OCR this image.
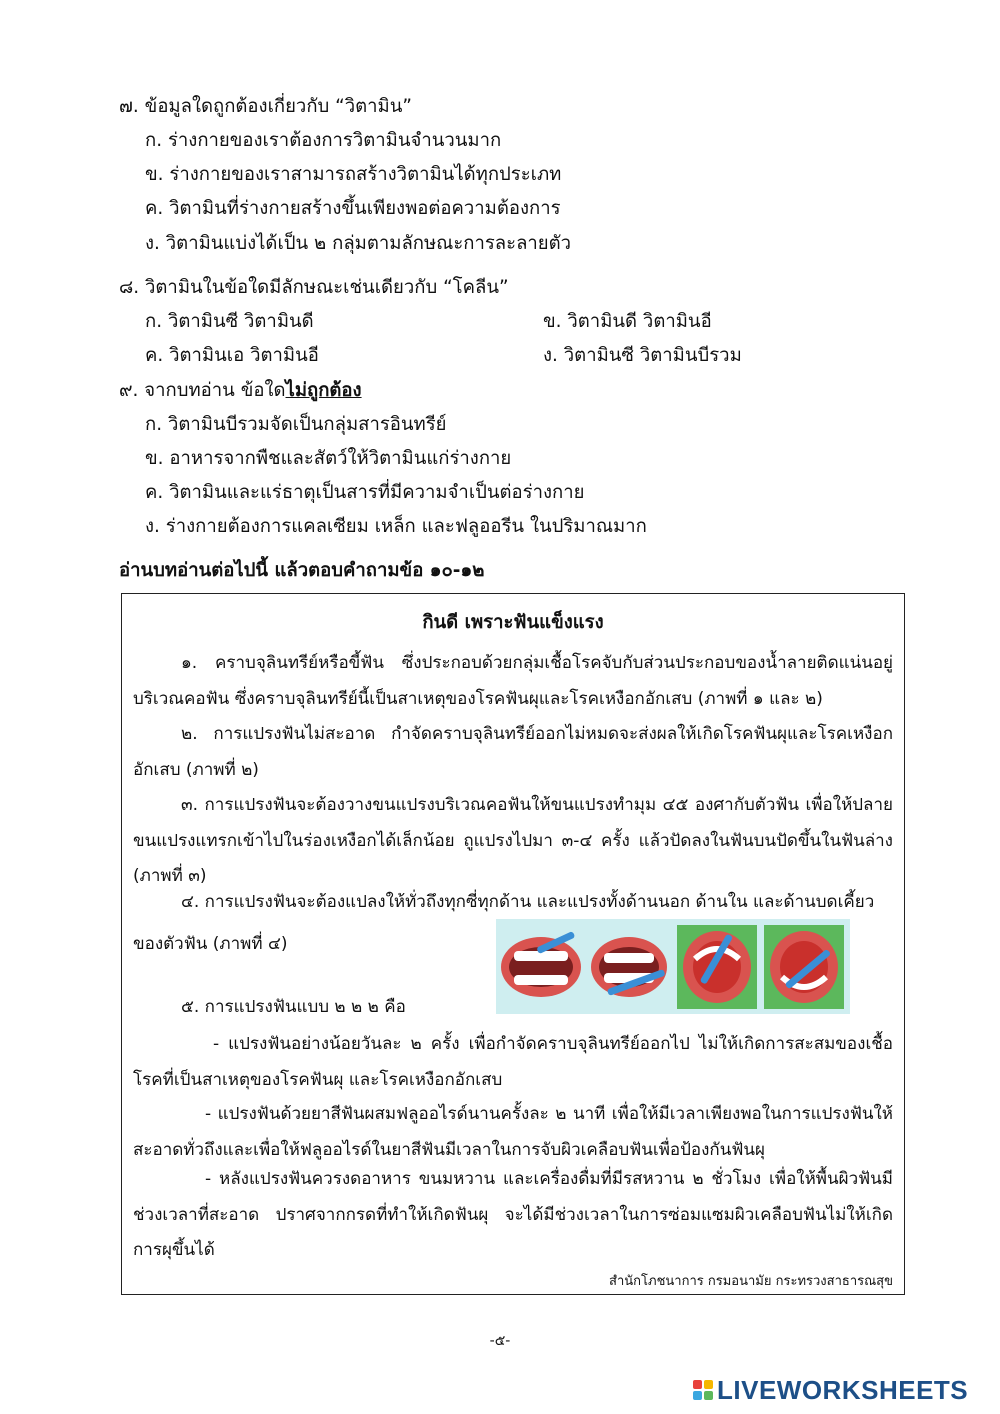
๗. ข้อมูลใดถูกต้องเกี่ยวกับ “วิตามิน”
ก. ร่างกายของเราต้องการวิตามินจำนวนมาก
ข. ร่างกายของเราสามารถสร้างวิตามินได้ทุกประเภท
ค. วิตามินที่ร่างกายสร้างขึ้นเพียงพอต่อความต้องการ
ง. วิตามินแบ่งได้เป็น ๒ กลุ่มตามลักษณะการละลายตัว
๘. วิตามินในข้อใดมีลักษณะเช่นเดียวกับ “โคลีน”
ก. วิตามินซี วิตามินดี	ข. วิตามินดี วิตามินอี
ค. วิตามินเอ วิตามินอี	ง. วิตามินซี วิตามินบีรวม
๙. จากบทอ่าน ข้อใดไม่ถูกต้อง
ก. วิตามินบีรวมจัดเป็นกลุ่มสารอินทรีย์
ข. อาหารจากพืชและสัตว์ให้วิตามินแก่ร่างกาย
ค. วิตามินและแร่ธาตุเป็นสารที่มีความจำเป็นต่อร่างกาย
ง. ร่างกายต้องการแคลเซียม เหล็ก และฟลูออรีน ในปริมาณมาก
อ่านบทอ่านต่อไปนี้ แล้วตอบคำถามข้อ ๑๐-๑๒
กินดี เพราะฟันแข็งแรง
๑. คราบจุลินทรีย์หรือขี้ฟัน ซึ่งประกอบด้วยกลุ่มเชื้อโรคจับกับส่วนประกอบของน้ำลายติดแน่นอยู่บริเวณคอฟัน ซึ่งคราบจุลินทรีย์นี้เป็นสาเหตุของโรคฟันผุและโรคเหงือกอักเสบ (ภาพที่ ๑ และ ๒)
๒. การแปรงฟันไม่สะอาด กำจัดคราบจุลินทรีย์ออกไม่หมดจะส่งผลให้เกิดโรคฟันผุและโรคเหงือกอักเสบ (ภาพที่ ๒)
๓. การแปรงฟันจะต้องวางขนแปรงบริเวณคอฟันให้ขนแปรงทำมุม ๔๕ องศากับตัวฟัน เพื่อให้ปลายขนแปรงแทรกเข้าไปในร่องเหงือกได้เล็กน้อย ถูแปรงไปมา ๓-๔ ครั้ง แล้วปัดลงในฟันบนปัดขึ้นในฟันล่าง (ภาพที่ ๓)
๔. การแปรงฟันจะต้องแปลงให้ทั่วถึงทุกซี่ทุกด้าน และแปรงทั้งด้านนอก ด้านใน และด้านบดเคี้ยว
ของตัวฟัน (ภาพที่ ๔)
๕. การแปรงฟันแบบ ๒ ๒ ๒ คือ
- แปรงฟันอย่างน้อยวันละ ๒ ครั้ง เพื่อกำจัดคราบจุลินทรีย์ออกไป ไม่ให้เกิดการสะสมของเชื้อโรคที่เป็นสาเหตุของโรคฟันผุ และโรคเหงือกอักเสบ
- แปรงฟันด้วยยาสีฟันผสมฟลูออไรด์นานครั้งละ ๒ นาที เพื่อให้มีเวลาเพียงพอในการแปรงฟันให้สะอาดทั่วถึงและเพื่อให้ฟลูออไรด์ในยาสีฟันมีเวลาในการจับผิวเคลือบฟันเพื่อป้องกันฟันผุ
- หลังแปรงฟันควรงดอาหาร ขนมหวาน และเครื่องดื่มที่มีรสหวาน ๒ ชั่วโมง เพื่อให้พื้นผิวฟันมีช่วงเวลาที่สะอาด ปราศจากกรดที่ทำให้เกิดฟันผุ จะได้มีช่วงเวลาในการซ่อมแซมผิวเคลือบฟันไม่ให้เกิดการผุขึ้นได้
สำนักโภชนาการ กรมอนามัย กระทรวงสาธารณสุข
-๕-
LIVEWORKSHEETS
